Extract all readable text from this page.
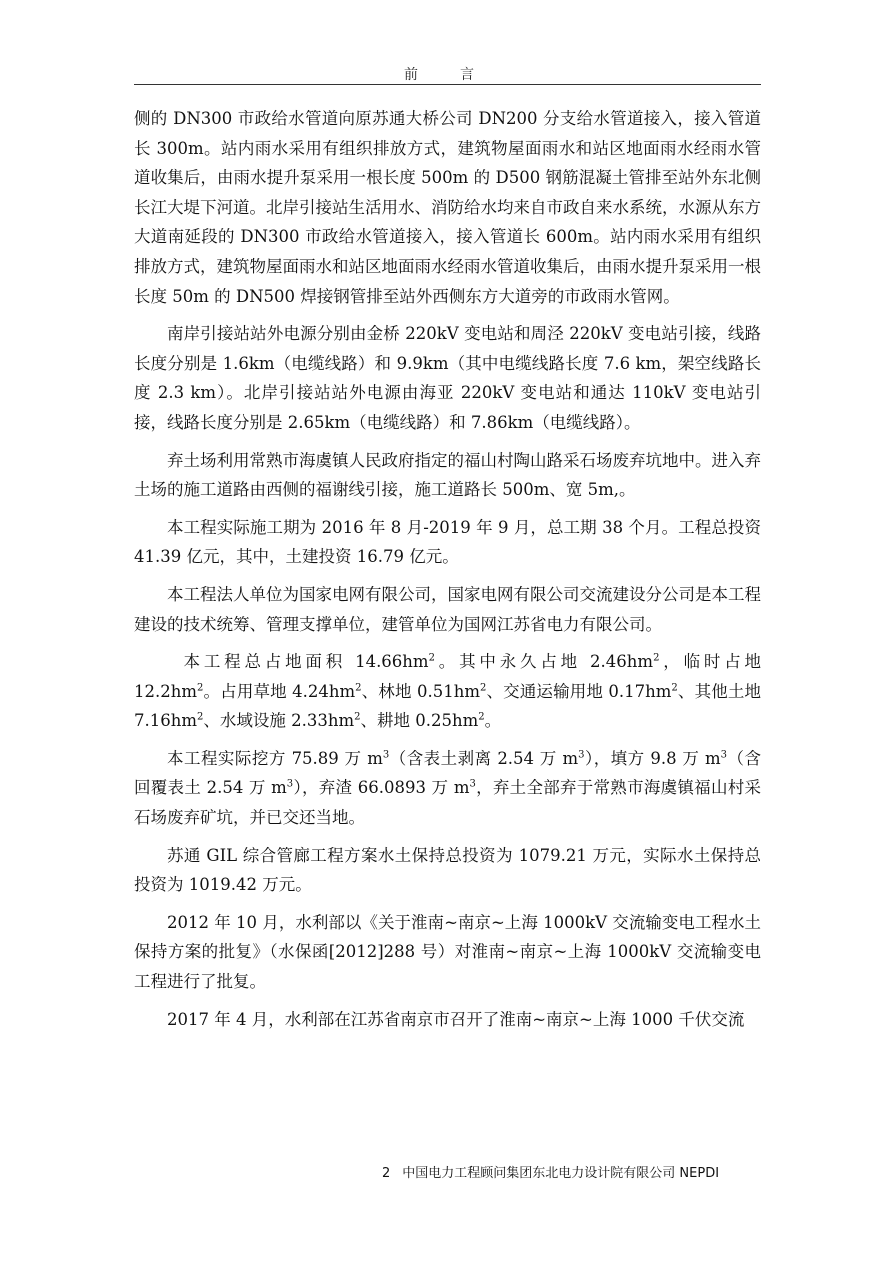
前　言

侧的 DN300 市政给水管道向原苏通大桥公司 DN200 分支给水管道接入，接入管道长 300m。站内雨水采用有组织排放方式，建筑物屋面雨水和站区地面雨水经雨水管道收集后，由雨水提升泵采用一根长度 500m 的 D500 钢筋混凝土管排至站外东北侧长江大堤下河道。北岸引接站生活用水、消防给水均来自市政自来水系统，水源从东方大道南延段的 DN300 市政给水管道接入，接入管道长 600m。站内雨水采用有组织排放方式，建筑物屋面雨水和站区地面雨水经雨水管道收集后，由雨水提升泵采用一根长度 50m 的 DN500 焊接钢管排至站外西侧东方大道旁的市政雨水管网。

南岸引接站站外电源分别由金桥 220kV 变电站和周泾 220kV 变电站引接，线路长度分别是 1.6km（电缆线路）和 9.9km（其中电缆线路长度 7.6 km，架空线路长度 2.3 km）。北岸引接站站外电源由海亚 220kV 变电站和通达 110kV 变电站引接，线路长度分别是 2.65km（电缆线路）和 7.86km（电缆线路）。

弃土场利用常熟市海虞镇人民政府指定的福山村陶山路采石场废弃坑地中。进入弃土场的施工道路由西侧的福谢线引接，施工道路长 500m、宽 5m,。

本工程实际施工期为 2016 年 8 月-2019 年 9 月，总工期 38 个月。工程总投资 41.39 亿元，其中，土建投资 16.79 亿元。

本工程法人单位为国家电网有限公司，国家电网有限公司交流建设分公司是本工程建设的技术统筹、管理支撑单位，建管单位为国网江苏省电力有限公司。

本工程总占地面积 $14.66hm^2$。其中永久占地 $2.46hm^2$，临时占地 $12.2hm^2$。占用草地 $4.24hm^2$、林地 $0.51hm^2$、交通运输用地 $0.17hm^2$、其他土地 $7.16hm^2$、水域设施 $2.33hm^2$、耕地 $0.25hm^2$。

本工程实际挖方 75.89 万 $m^3$（含表土剥离 2.54 万 $m^3$），填方 9.8 万 $m^3$（含回覆表土 2.54 万 $m^3$），弃渣 66.0893 万 $m^3$，弃土全部弃于常熟市海虞镇福山村采石场废弃矿坑，并已交还当地。

苏通 GIL 综合管廊工程方案水土保持总投资为 1079.21 万元，实际水土保持总投资为 1019.42 万元。

2012 年 10 月，水利部以《关于淮南~南京~上海 1000kV 交流输变电工程水土保持方案的批复》（水保函[2012]288 号）对淮南~南京~上海 1000kV 交流输变电工程进行了批复。

2017 年 4 月，水利部在江苏省南京市召开了淮南~南京~上海 1000 千伏交流

2 中国电力工程顾问集团东北电力设计院有限公司 NEPDI
